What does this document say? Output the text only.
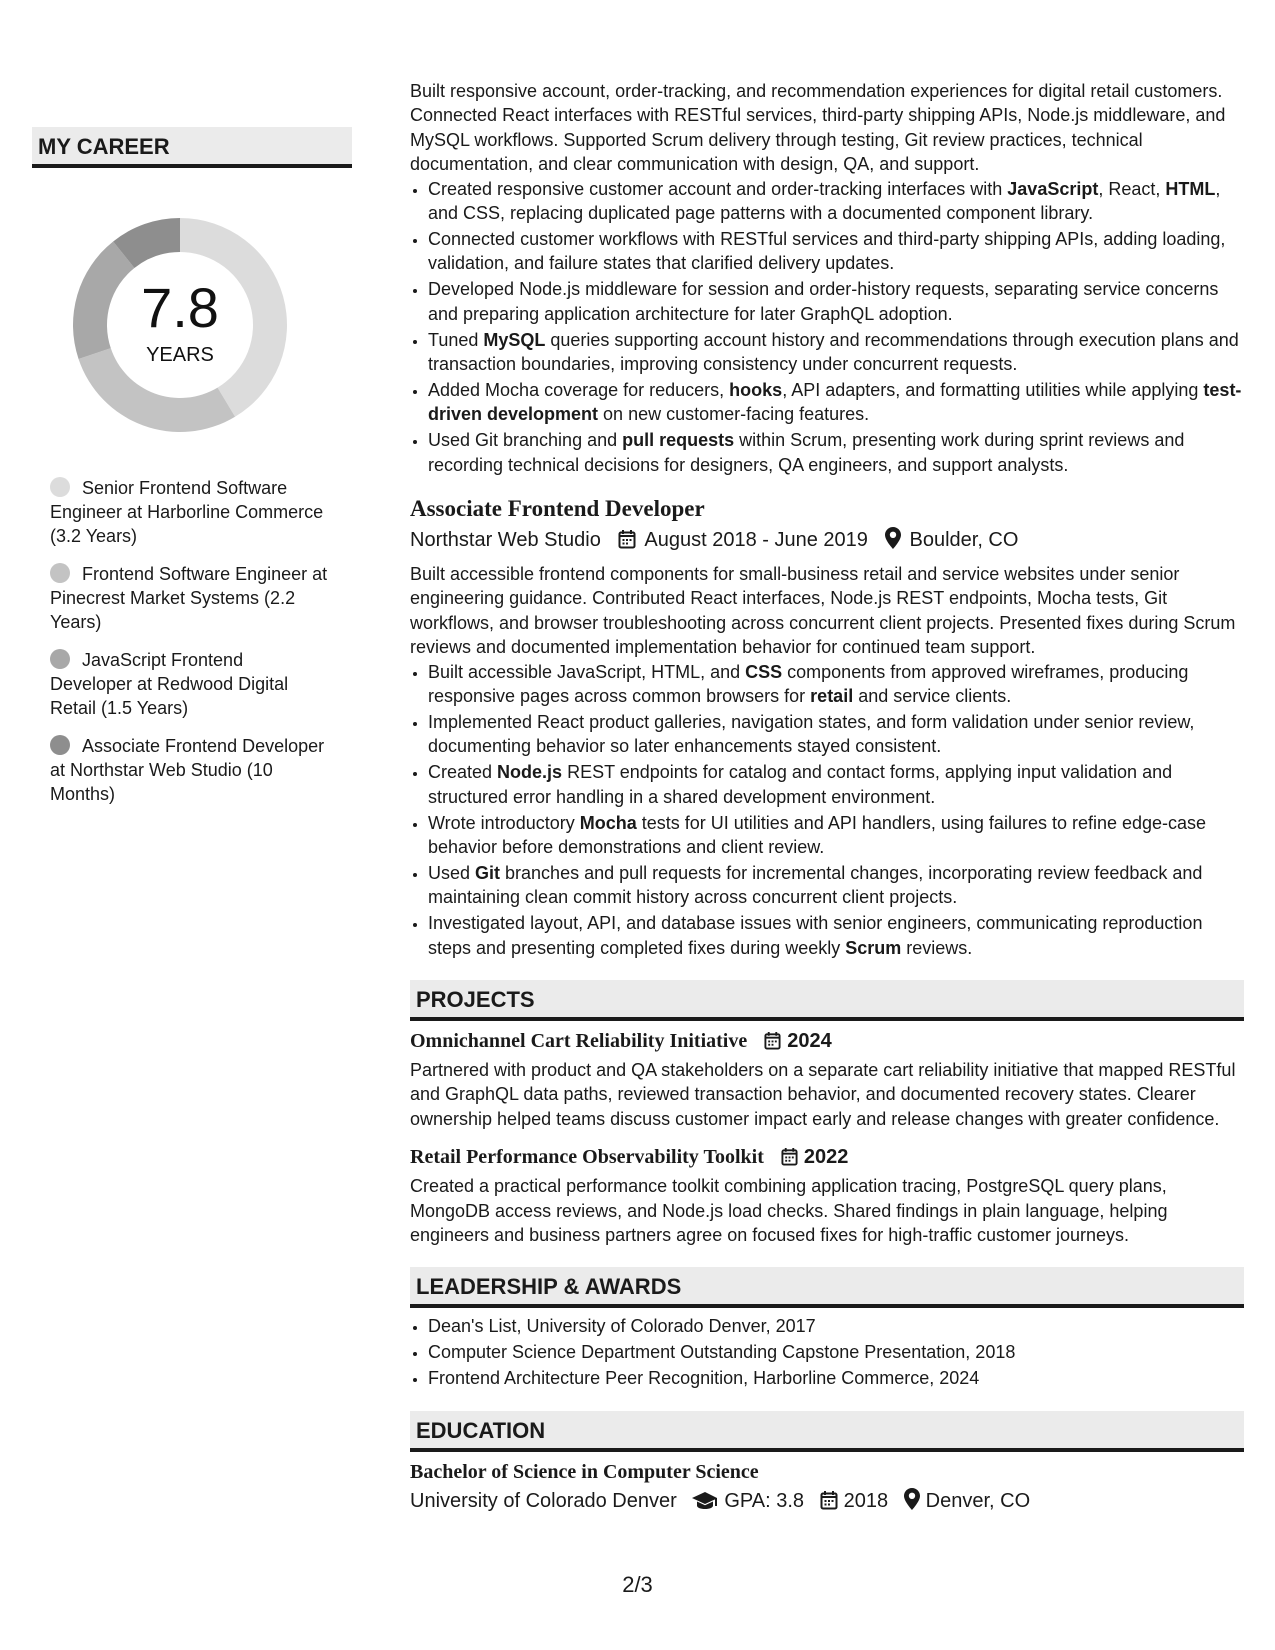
MY CAREER
7.8
YEARS
Senior Frontend Software Engineer at Harborline Commerce (3.2 Years)
Frontend Software Engineer at Pinecrest Market Systems (2.2 Years)
JavaScript Frontend Developer at Redwood Digital Retail (1.5 Years)
Associate Frontend Developer at Northstar Web Studio (10 Months)

Built responsive account, order-tracking, and recommendation experiences for digital retail customers. Connected React interfaces with RESTful services, third-party shipping APIs, Node.js middleware, and MySQL workflows. Supported Scrum delivery through testing, Git review practices, technical documentation, and clear communication with design, QA, and support.

• Created responsive customer account and order-tracking interfaces with JavaScript, React, HTML, and CSS, replacing duplicated page patterns with a documented component library.
• Connected customer workflows with RESTful services and third-party shipping APIs, adding loading, validation, and failure states that clarified delivery updates.
• Developed Node.js middleware for session and order-history requests, separating service concerns and preparing application architecture for later GraphQL adoption.
• Tuned MySQL queries supporting account history and recommendations through execution plans and transaction boundaries, improving consistency under concurrent requests.
• Added Mocha coverage for reducers, hooks, API adapters, and formatting utilities while applying test-driven development on new customer-facing features.
• Used Git branching and pull requests within Scrum, presenting work during sprint reviews and recording technical decisions for designers, QA engineers, and support analysts.
Associate Frontend Developer
Northstar Web Studio August 2018 - June 2019 Boulder, CO

Built accessible frontend components for small-business retail and service websites under senior engineering guidance. Contributed React interfaces, Node.js REST endpoints, Mocha tests, Git workflows, and browser troubleshooting across concurrent client projects. Presented fixes during Scrum reviews and documented implementation behavior for continued team support.

• Built accessible JavaScript, HTML, and CSS components from approved wireframes, producing responsive pages across common browsers for retail and service clients.
• Implemented React product galleries, navigation states, and form validation under senior review, documenting behavior so later enhancements stayed consistent.
• Created Node.js REST endpoints for catalog and contact forms, applying input validation and structured error handling in a shared development environment.
• Wrote introductory Mocha tests for UI utilities and API handlers, using failures to refine edge-case behavior before demonstrations and client review.
• Used Git branches and pull requests for incremental changes, incorporating review feedback and maintaining clean commit history across concurrent client projects.
• Investigated layout, API, and database issues with senior engineers, communicating reproduction steps and presenting completed fixes during weekly Scrum reviews.
PROJECTS
Omnichannel Cart Reliability Initiative 2024

Partnered with product and QA stakeholders on a separate cart reliability initiative that mapped RESTful and GraphQL data paths, reviewed transaction behavior, and documented recovery states. Clearer ownership helped teams discuss customer impact early and release changes with greater confidence.

Retail Performance Observability Toolkit 2022

Created a practical performance toolkit combining application tracing, PostgreSQL query plans, MongoDB access reviews, and Node.js load checks. Shared findings in plain language, helping engineers and business partners agree on focused fixes for high-traffic customer journeys.

LEADERSHIP & AWARDS
• Dean's List, University of Colorado Denver, 2017
• Computer Science Department Outstanding Capstone Presentation, 2018
• Frontend Architecture Peer Recognition, Harborline Commerce, 2024
EDUCATION
Bachelor of Science in Computer Science
University of Colorado Denver GPA: 3.8 2018 Denver, CO
2/3
